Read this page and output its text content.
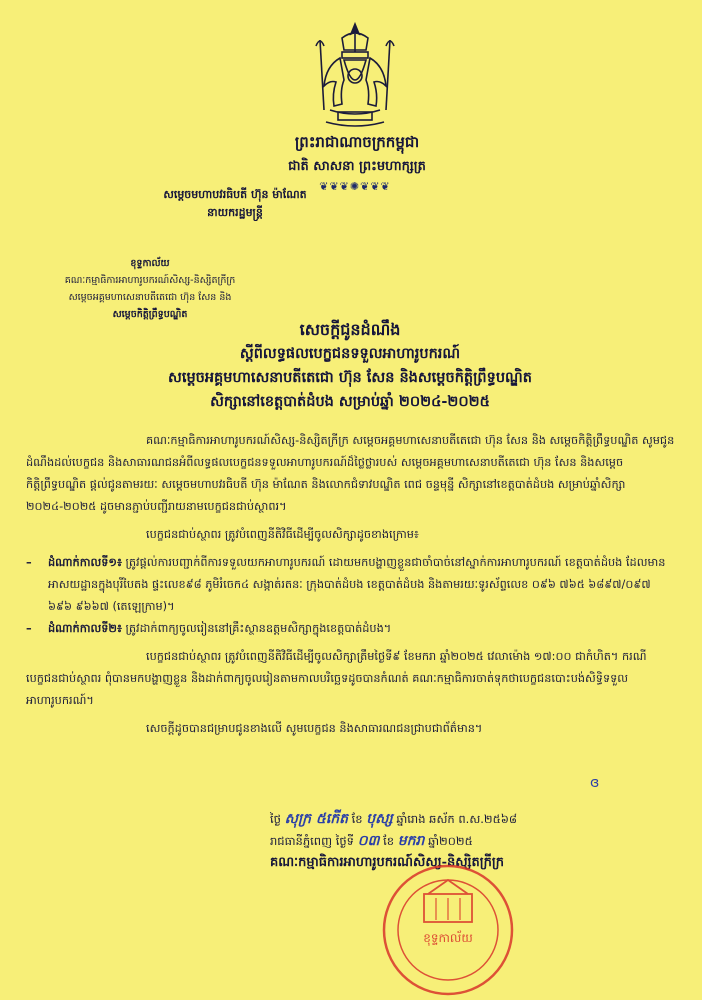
ព្រះរាជាណាចក្រកម្ពុជា
ជាតិ សាសនា ព្រះមហាក្សត្រ
❦❦❦✺❦❦❦
សម្តេចមហាបវរធិបតី ហ៊ុន ម៉ាណែត
នាយករដ្ឋមន្ត្រី
ខុទ្ទកាល័យ
គណៈកម្មាធិការអាហារូបករណ៍សិស្ស-និស្សិតក្រីក្រ
សម្តេចអគ្គមហាសេនាបតីតេជោ ហ៊ុន សែន និង
សម្តេចកិត្តិព្រឹទ្ធបណ្ឌិត
សេចក្តីជូនដំណឹង
ស្តីពីលទ្ធផលបេក្ខជនទទួលអាហារូបករណ៍
សម្តេចអគ្គមហាសេនាបតីតេជោ ហ៊ុន សែន និងសម្តេចកិត្តិព្រឹទ្ធបណ្ឌិត
សិក្សានៅខេត្តបាត់ដំបង សម្រាប់ឆ្នាំ ២០២៤-២០២៥

គណៈកម្មាធិការអាហារូបករណ៍សិស្ស-និស្សិតក្រីក្រ សម្តេចអគ្គមហាសេនាបតីតេជោ ហ៊ុន សែន និង សម្តេចកិត្តិព្រឹទ្ធបណ្ឌិត សូមជូនដំណឹងដល់បេក្ខជន និងសាធារណជនអំពីលទ្ធផលបេក្ខជនទទួលអាហារូបករណ៍ដ៏ថ្លៃថ្លារបស់ សម្តេចអគ្គមហាសេនាបតីតេជោ ហ៊ុន សែន និងសម្តេចកិត្តិព្រឹទ្ធបណ្ឌិត ផ្តល់ជូនតាមរយៈ សម្តេចមហាបវរធិបតី ហ៊ុន ម៉ាណែត និងលោកជំទាវបណ្ឌិត ពេជ ចន្ទមុន្នី សិក្សានៅខេត្តបាត់ដំបង សម្រាប់ឆ្នាំសិក្សា ២០២៤-២០២៥ ដូចមានភ្ជាប់បញ្ជីរាយនាមបេក្ខជនជាប់ស្ថាពរ។

បេក្ខជនជាប់ស្ថាពរ ត្រូវបំពេញនីតិវិធីដើម្បីចូលសិក្សាដូចខាងក្រោម៖

–	ដំណាក់កាលទី១៖ ត្រូវផ្តល់ការបញ្ជាក់ពីការទទួលយកអាហារូបករណ៍ ដោយមកបង្ហាញខ្លួនជាចាំបាច់នៅស្នាក់ការអាហារូបករណ៍ ខេត្តបាត់ដំបង ដែលមានអាសយដ្ឋានក្នុងបុរីបៃតង ផ្ទះលេខ៩៨ ភូមិរំចេក៤ សង្កាត់រតនៈ ក្រុងបាត់ដំបង ខេត្តបាត់ដំបង និងតាមរយៈទូរស័ព្ទលេខ ០៩៦ ៧៦៥ ៦៨៩៧/០៩៧ ៦៩៦ ៩៦៦៧ (តេឡេក្រាម)។
–	ដំណាក់កាលទី២៖ ត្រូវដាក់ពាក្យចូលរៀននៅគ្រឹះស្ថានឧត្តមសិក្សាក្នុងខេត្តបាត់ដំបង។

បេក្ខជនជាប់ស្ថាពរ ត្រូវបំពេញនីតិវិធីដើម្បីចូលសិក្សាត្រឹមថ្ងៃទី៩ ខែមករា ឆ្នាំ២០២៥ វេលាម៉ោង ១៧:០០ ជាកំហិត។ ករណីបេក្ខជនជាប់ស្ថាពរ ពុំបានមកបង្ហាញខ្លួន និងដាក់ពាក្យចូលរៀនតាមកាលបរិច្ឆេទដូចបានកំណត់ គណៈកម្មាធិការចាត់ទុកថាបេក្ខជនបោះបង់សិទ្ធិទទួលអាហារូបករណ៍។

សេចក្តីដូចបានជម្រាបជូនខាងលើ សូមបេក្ខជន និងសាធារណជនជ្រាបជាព័ត៌មាន។

ɞ
ថ្ងៃ សុក្រ ៥កើត ខែ បុស្ស ឆ្នាំរោង ឆស័ក ព.ស.២៥៦៨
រាជធានីភ្នំពេញ ថ្ងៃទី ០៣ ខែ មករា ឆ្នាំ២០២៥
គណៈកម្មាធិការអាហារូបករណ៍សិស្ស-និស្សិតក្រីក្រ
ខុទ្ទកាល័យ
